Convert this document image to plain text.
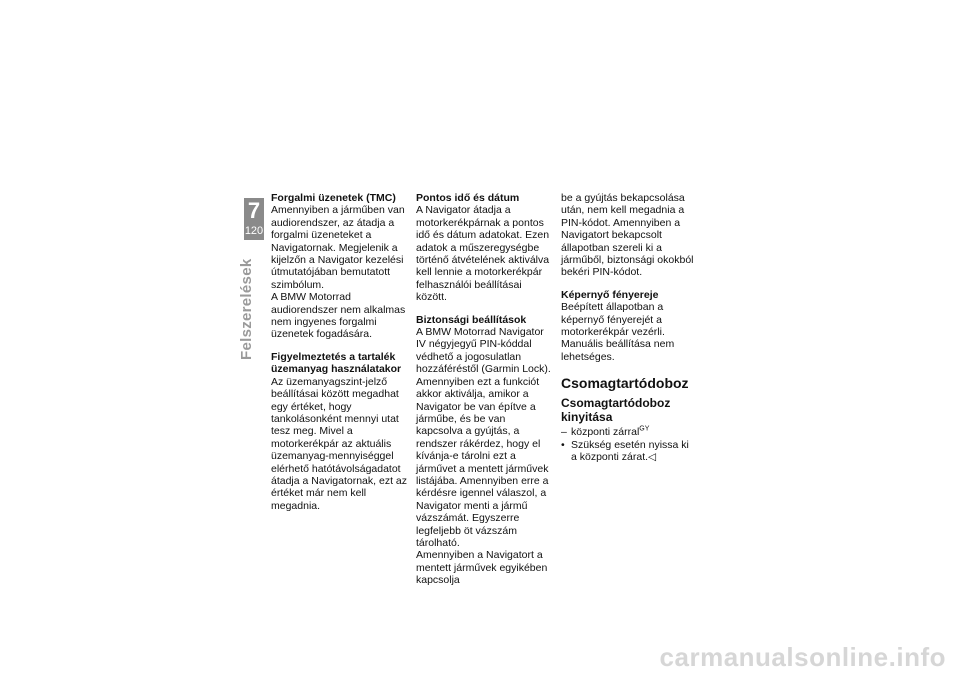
7
120
Felszerelések
Forgalmi üzenetek (TMC)

Amennyiben a járműben van audiorendszer, az átadja a forgalmi üzeneteket a Navigatornak. Megjelenik a kijelzőn a Navigator kezelési útmutatójában bemutatott szimbólum.

A BMW Motorrad audiorendszer nem alkalmas nem ingyenes forgalmi üzenetek fogadására.

Figyelmeztetés a tartalék üzemanyag használatakor

Az üzemanyagszint-jelző beállításai között megadhat egy értéket, hogy tankolásonként mennyi utat tesz meg. Mivel a motorkerékpár az aktuális üzemanyag-mennyiséggel elérhető hatótávolságadatot átadja a Navigatornak, ezt az értéket már nem kell megadnia.

Pontos idő és dátum

A Navigator átadja a motorkerékpárnak a pontos idő és dátum adatokat. Ezen adatok a műszeregységbe történő átvételének aktiválva kell lennie a motorkerékpár felhasználói beállításai között.

Biztonsági beállítások

A BMW Motorrad Navigator IV négyjegyű PIN-kóddal védhető a jogosulatlan hozzáféréstől (Garmin Lock). Amennyiben ezt a funkciót akkor aktiválja, amikor a Navigator be van építve a járműbe, és be van kapcsolva a gyújtás, a rendszer rákérdez, hogy el kívánja-e tárolni ezt a járművet a mentett járművek listájába. Amennyiben erre a kérdésre igennel válaszol, a Navigator menti a jármű vázszámát. Egyszerre legfeljebb öt vázszám tárolható.

Amennyiben a Navigatort a mentett járművek egyikében kapcsolja

be a gyújtás bekapcsolása után, nem kell megadnia a PIN-kódot. Amennyiben a Navigatort bekapcsolt állapotban szereli ki a járműből, biztonsági okokból bekéri PIN-kódot.

Képernyő fényereje

Beépített állapotban a képernyő fényerejét a motorkerékpár vezérli. Manuális beállítása nem lehetséges.

Csomagtartódoboz
Csomagtartódoboz kinyitása
– központi zárral$^{GY}$
• Szükség esetén nyissa ki a központi zárat.◁
carmanualsonline.info
